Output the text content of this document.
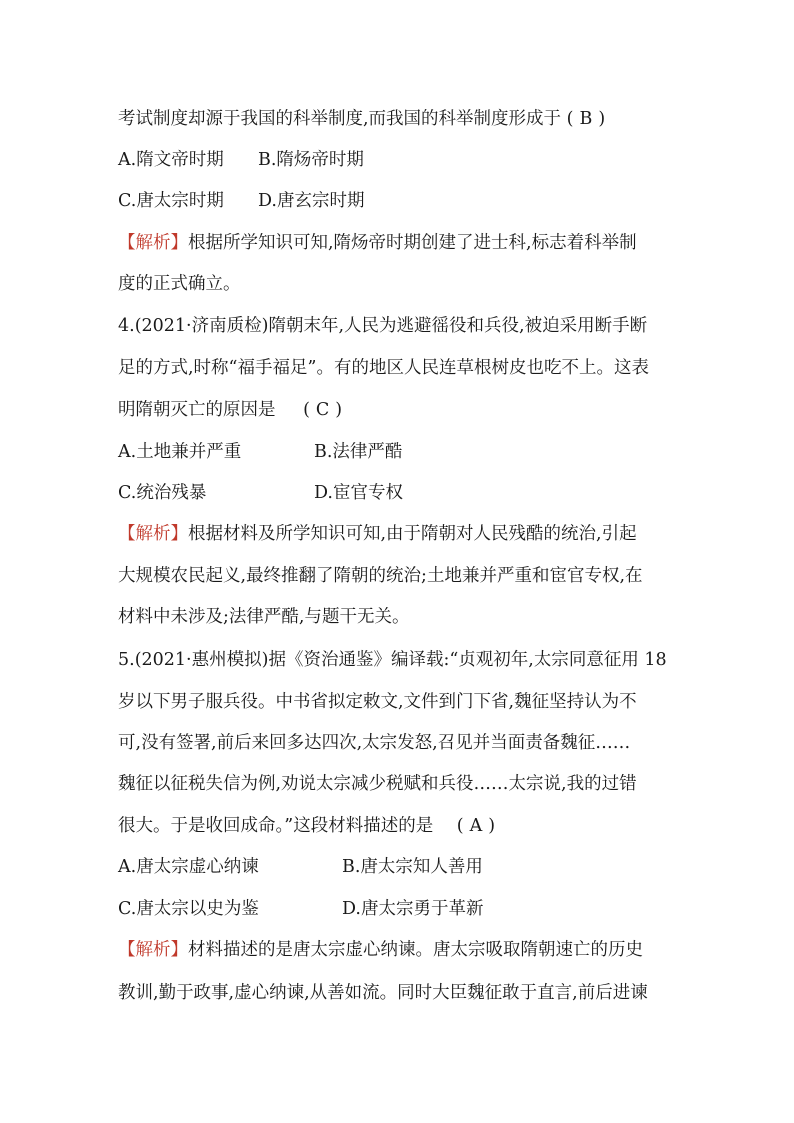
考试制度却源于我国的科举制度,而我国的科举制度形成于 ( B )
A.隋文帝时期 B.隋炀帝时期
C.唐太宗时期 D.唐玄宗时期
【解析】根据所学知识可知,隋炀帝时期创建了进士科,标志着科举制
度的正式确立。
4.(2021·济南质检)隋朝末年,人民为逃避徭役和兵役,被迫采用断手断
足的方式,时称“福手福足”。有的地区人民连草根树皮也吃不上。这表
明隋朝灭亡的原因是 ( C )
A.土地兼并严重	B.法律严酷
C.统治残暴	D.宦官专权
【解析】根据材料及所学知识可知,由于隋朝对人民残酷的统治,引起
大规模农民起义,最终推翻了隋朝的统治;土地兼并严重和宦官专权,在
材料中未涉及;法律严酷,与题干无关。
5.(2021·惠州模拟)据《资治通鉴》编译载:“贞观初年,太宗同意征用 18
岁以下男子服兵役。中书省拟定敕文,文件到门下省,魏征坚持认为不
可,没有签署,前后来回多达四次,太宗发怒,召见并当面责备魏征……
魏征以征税失信为例,劝说太宗减少税赋和兵役……太宗说,我的过错
很大。于是收回成命。”这段材料描述的是 ( A )
A.唐太宗虚心纳谏	B.唐太宗知人善用
C.唐太宗以史为鉴	D.唐太宗勇于革新
【解析】材料描述的是唐太宗虚心纳谏。唐太宗吸取隋朝速亡的历史
教训,勤于政事,虚心纳谏,从善如流。同时大臣魏征敢于直言,前后进谏
